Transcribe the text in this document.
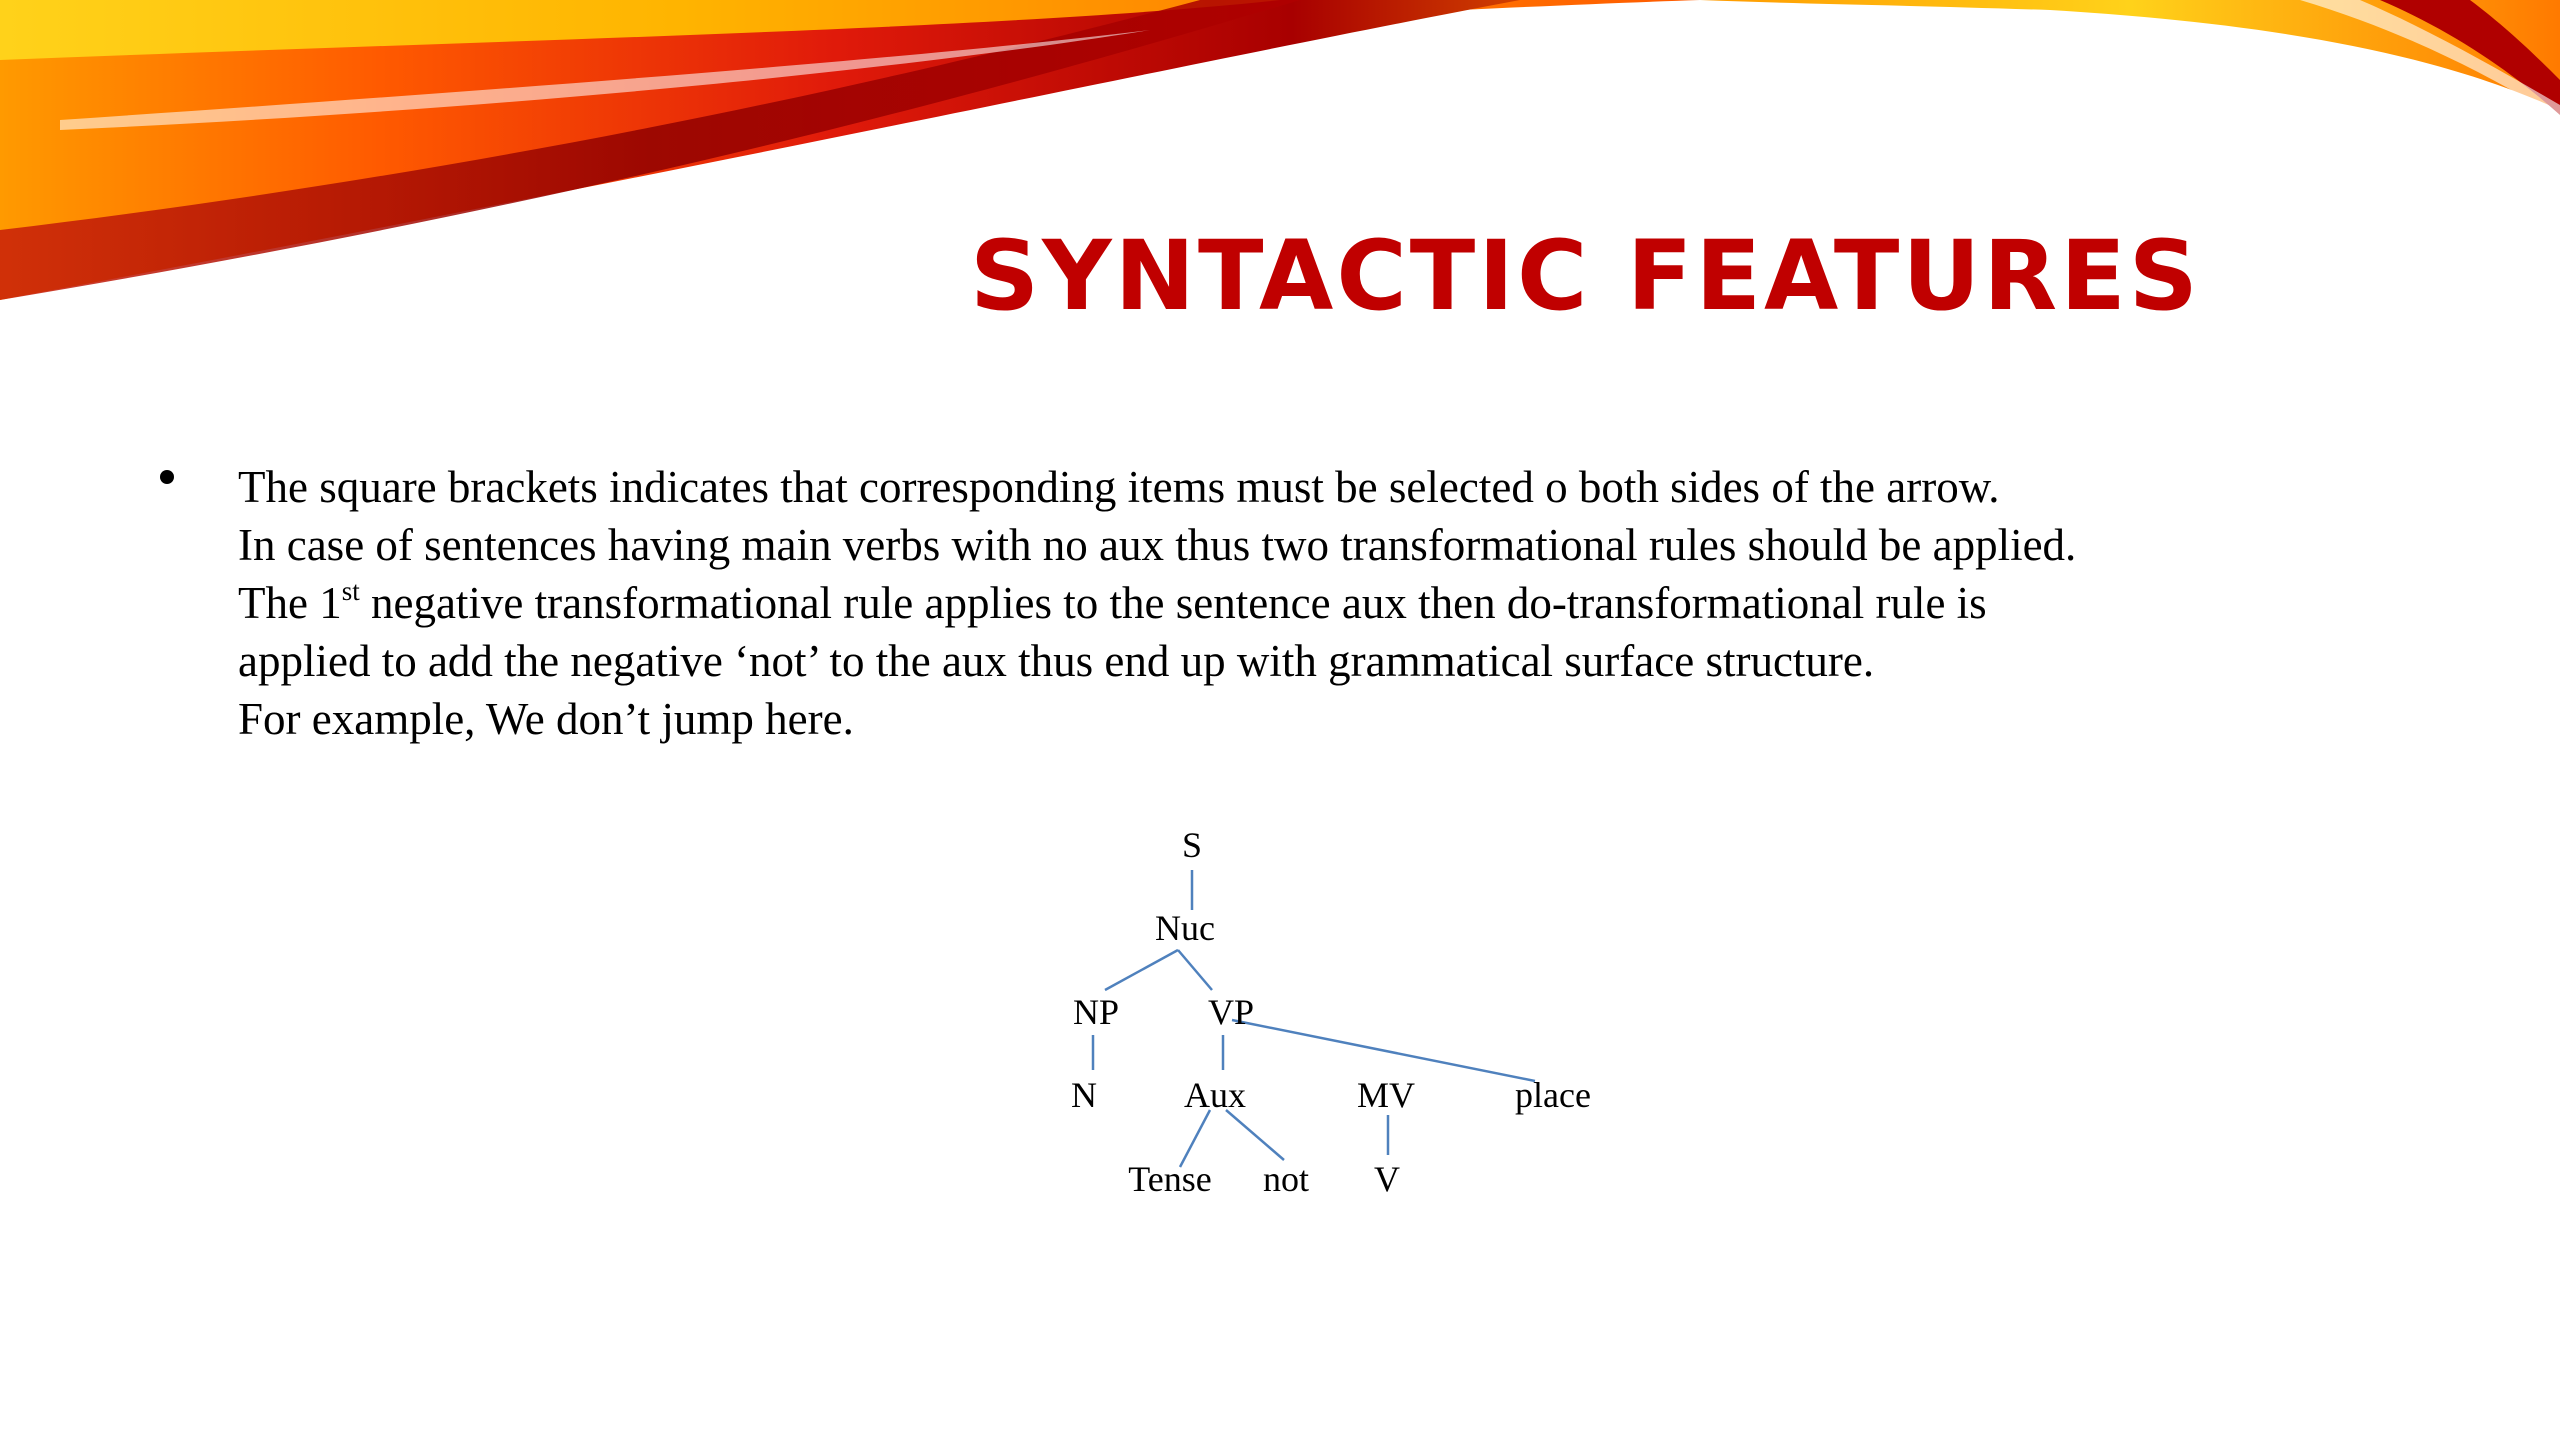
SYNTACTIC FEATURES
The square brackets indicates that corresponding items must be selected o both sides of the arrow.
In case of sentences having main verbs with no aux thus two transformational rules should be applied.
The 1st negative transformational rule applies to the sentence aux then do-transformational rule is
applied to add the negative ‘not’ to the aux thus end up with grammatical surface structure.
For example, We don’t jump here.
S
Nuc
NP VP
N Aux	MV	place
Tense not V
